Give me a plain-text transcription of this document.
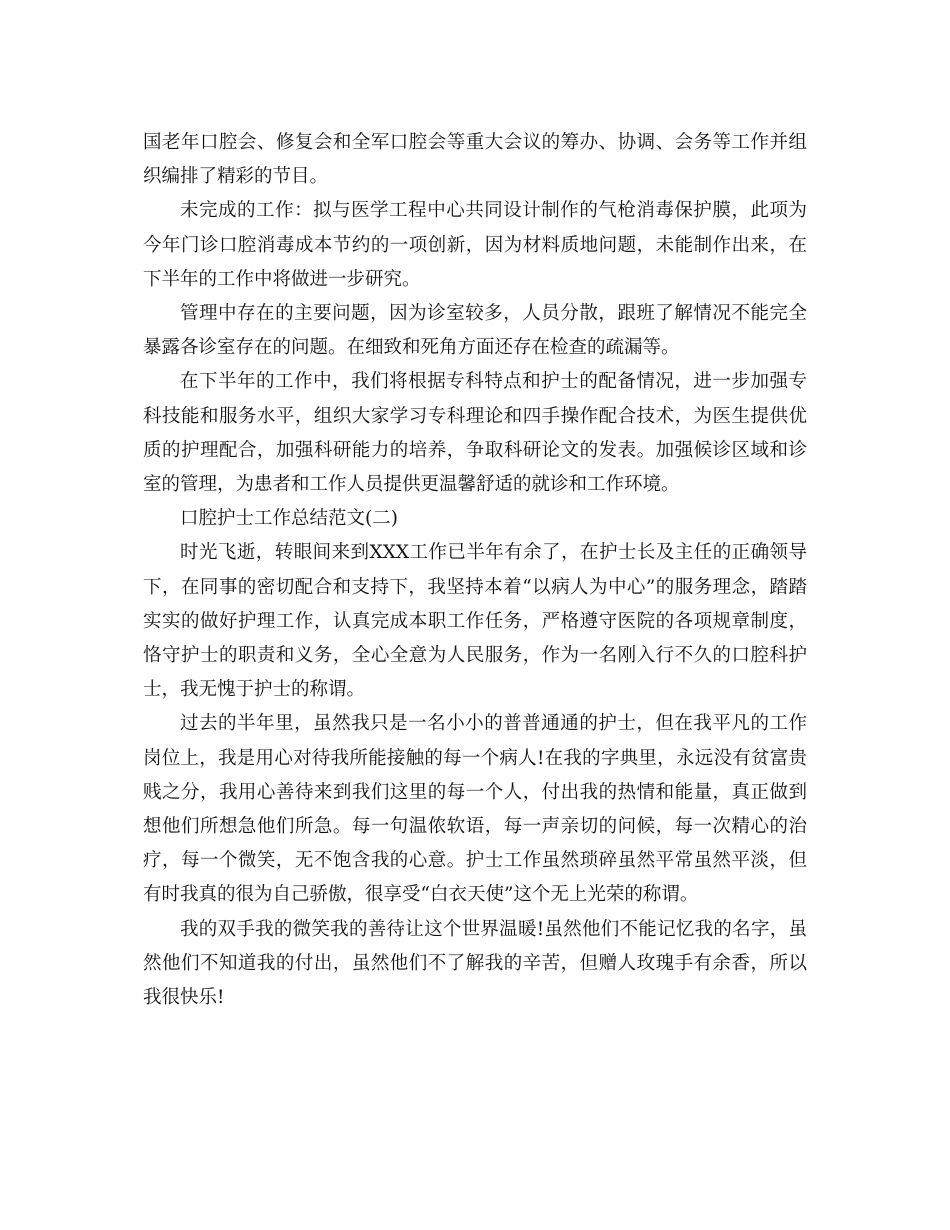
国老年口腔会、修复会和全军口腔会等重大会议的筹办、协调、会务等工作并组织编排了精彩的节目。

未完成的工作：拟与医学工程中心共同设计制作的气枪消毒保护膜，此项为今年门诊口腔消毒成本节约的一项创新，因为材料质地问题，未能制作出来，在下半年的工作中将做进一步研究。

管理中存在的主要问题，因为诊室较多，人员分散，跟班了解情况不能完全暴露各诊室存在的问题。在细致和死角方面还存在检查的疏漏等。

在下半年的工作中，我们将根据专科特点和护士的配备情况，进一步加强专科技能和服务水平，组织大家学习专科理论和四手操作配合技术，为医生提供优质的护理配合，加强科研能力的培养，争取科研论文的发表。加强候诊区域和诊室的管理，为患者和工作人员提供更温馨舒适的就诊和工作环境。

口腔护士工作总结范文(二)

时光飞逝，转眼间来到XXX工作已半年有余了，在护士长及主任的正确领导下，在同事的密切配合和支持下，我坚持本着“以病人为中心”的服务理念，踏踏实实的做好护理工作，认真完成本职工作任务，严格遵守医院的各项规章制度，恪守护士的职责和义务，全心全意为人民服务，作为一名刚入行不久的口腔科护士，我无愧于护士的称谓。

过去的半年里，虽然我只是一名小小的普普通通的护士，但在我平凡的工作岗位上，我是用心对待我所能接触的每一个病人!在我的字典里，永远没有贫富贵贱之分，我用心善待来到我们这里的每一个人，付出我的热情和能量，真正做到想他们所想急他们所急。每一句温侬软语，每一声亲切的问候，每一次精心的治疗，每一个微笑，无不饱含我的心意。护士工作虽然琐碎虽然平常虽然平淡，但有时我真的很为自己骄傲，很享受“白衣天使”这个无上光荣的称谓。

我的双手我的微笑我的善待让这个世界温暖!虽然他们不能记忆我的名字，虽然他们不知道我的付出，虽然他们不了解我的辛苦，但赠人玫瑰手有余香，所以我很快乐!
